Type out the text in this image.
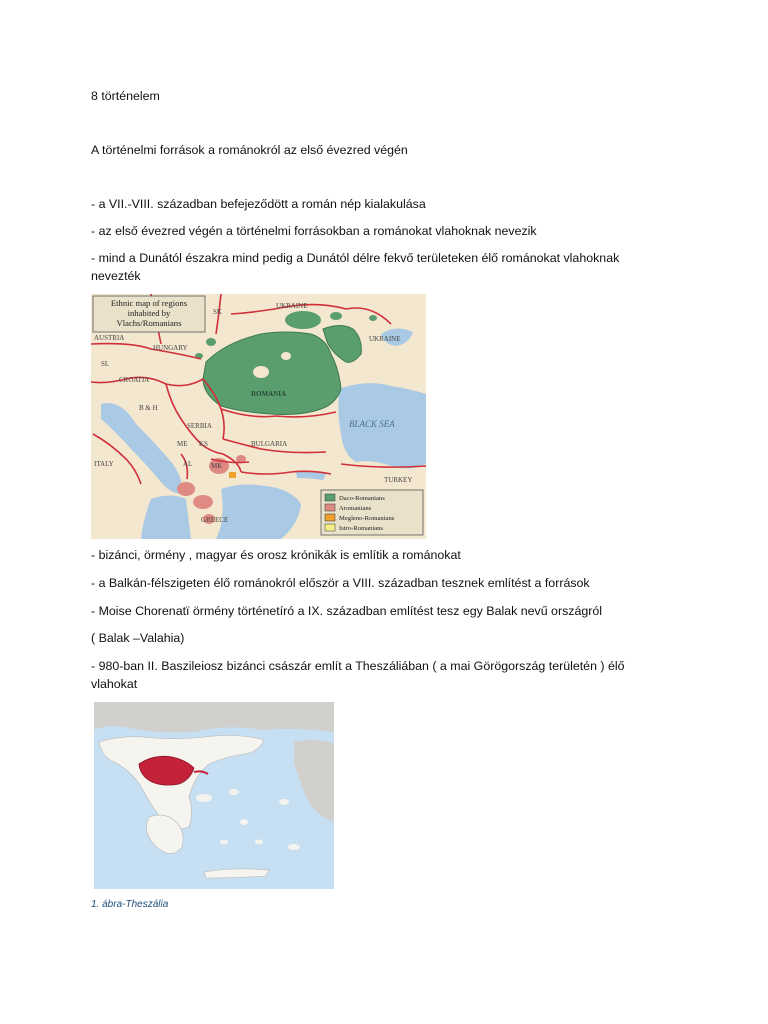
8 történelem
A történelmi források a románokról az első évezred végén
- a VII.-VIII. században befejeződött a román nép kialakulása
- az első évezred végén a történelmi forrásokban a románokat vlahoknak nevezik
- mind a Dunától északra mind pedig a Dunától délre fekvő területeken élő románokat vlahoknak nevezték
Ethnic map of regions
inhabited by
Vlachs/Romanians
UKRAINE
UKRAINE
SK
AUSTRIA
HUNGARY
SL
CROATIA
B & H
SERBIA
ME KS
ROMANIA
BULGARIA
BLACK SEA
ITALY	AL	MK
TURKEY
GREECE
Daco-Romanians
Aromanians
Megleno-Romanians
Istro-Romanians
- bizánci, örmény , magyar és orosz krónikák is említik a románokat
- a Balkán-félszigeten élő románokról először a VIII. században tesznek említést a források
- Moise Chorenatï örmény történetíró a IX. században említést tesz egy Balak nevű országról
( Balak –Valahia)
- 980-ban II. Baszileiosz bizánci császár említ a Theszáliában ( a mai Görögország területén ) élő vlahokat
1. ábra-Theszália
